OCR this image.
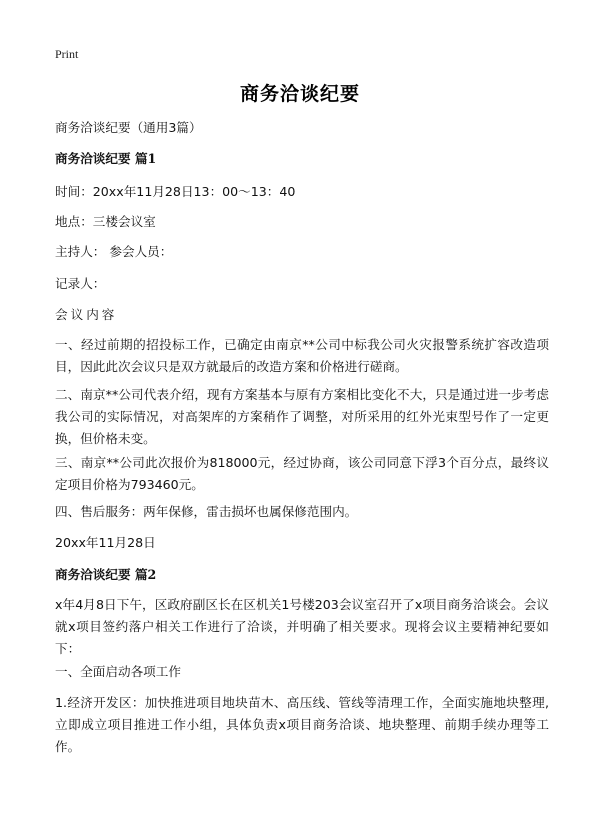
Print
商务洽谈纪要
商务洽谈纪要（通用3篇）
商务洽谈纪要 篇1
时间：20xx年11月28日13：00～13：40
地点：三楼会议室
主持人： 参会人员：
记录人：
会议内容
一、经过前期的招投标工作，已确定由南京**公司中标我公司火灾报警系统扩容改造项目，因此此次会议只是双方就最后的改造方案和价格进行磋商。
二、南京**公司代表介绍，现有方案基本与原有方案相比变化不大，只是通过进一步考虑我公司的实际情况，对高架库的方案稍作了调整，对所采用的红外光束型号作了一定更换，但价格未变。
三、南京**公司此次报价为818000元，经过协商，该公司同意下浮3个百分点，最终议定项目价格为793460元。
四、售后服务：两年保修，雷击损坏也属保修范围内。
20xx年11月28日
商务洽谈纪要 篇2
x年4月8日下午，区政府副区长在区机关1号楼203会议室召开了x项目商务洽谈会。会议就x项目签约落户相关工作进行了洽谈，并明确了相关要求。现将会议主要精神纪要如下：
一、全面启动各项工作
1.经济开发区：加快推进项目地块苗木、高压线、管线等清理工作，全面实施地块整理,立即成立项目推进工作小组，具体负责x项目商务洽谈、地块整理、前期手续办理等工作。
